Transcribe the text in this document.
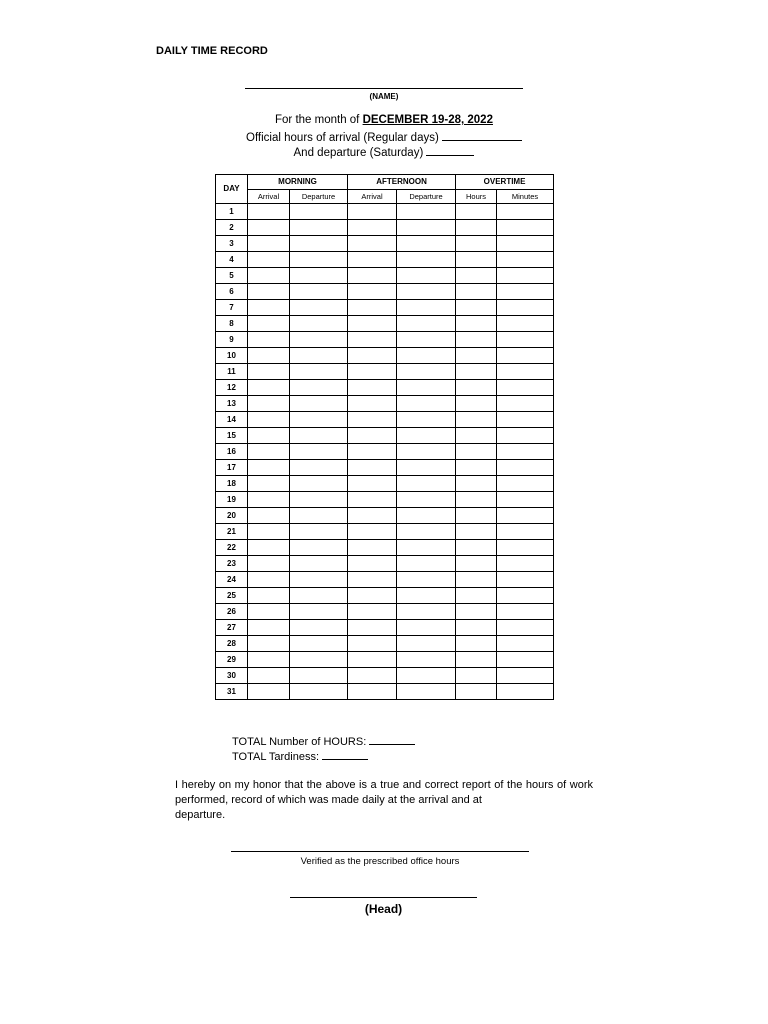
DAILY TIME RECORD
(NAME)
For the month of DECEMBER 19-28, 2022
Official hours of arrival (Regular days)
And departure (Saturday)
DAY	MORNING		AFTERNOON		OVERTIME	
	Arrival	Departure	Arrival	Departure	Hours	Minutes
1						
2						
3						
4						
5						
6						
7						
8						
9						
10						
11						
12						
13						
14						
15						
16						
17						
18						
19						
20						
21						
22						
23						
24						
25						
26						
27						
28						
29						
30						
31						
TOTAL Number of HOURS:
TOTAL Tardiness:
I hereby on my honor that the above is a true and correct report of the hours of work performed, record of which was made daily at the arrival and at
departure.
Verified as the prescribed office hours
(Head)
